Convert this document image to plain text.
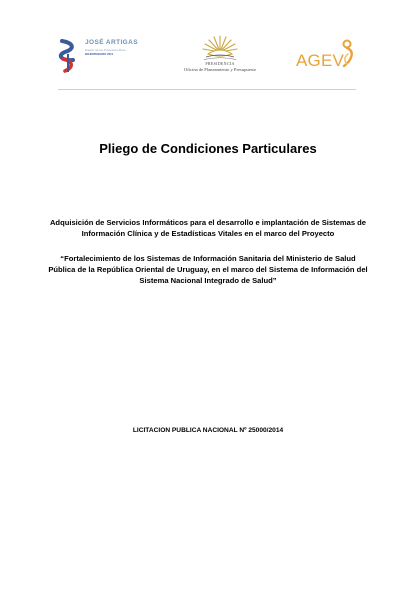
JOSÉ ARTIGAS
Diseño de los Procesos Libres
BICENTENARIO 2011
PRESIDENCIA
Oficina de Planeamiento y Presupuesto	AGEV
Pliego de Condiciones Particulares

Adquisición de Servicios Informáticos para el desarrollo e implantación de Sistemas de Información Clínica y de Estadísticas Vitales en el marco del Proyecto

“Fortalecimiento de los Sistemas de Información Sanitaria del Ministerio de Salud Pública de la República Oriental de Uruguay, en el marco del Sistema de Información del Sistema Nacional Integrado de Salud”

LICITACION PUBLICA NACIONAL Nº 25000/2014
